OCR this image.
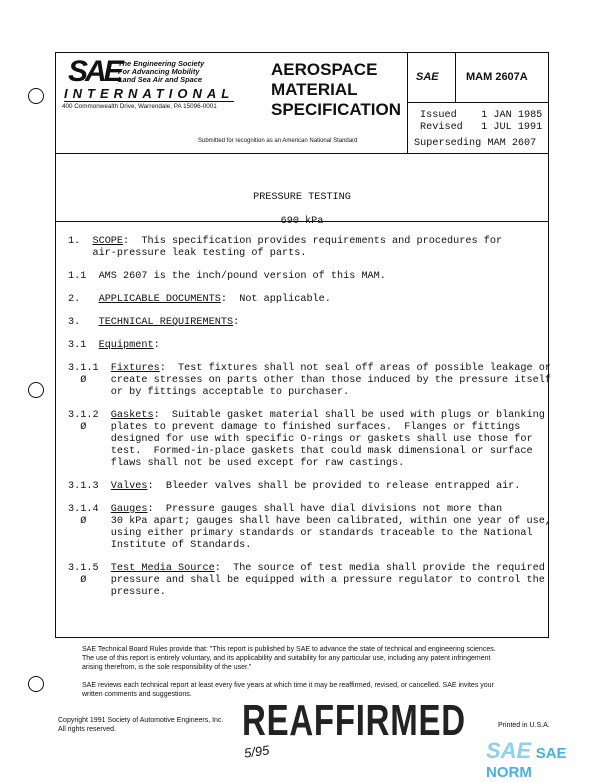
SAE
The Engineering Society
For Advancing Mobility
Land Sea Air and Space
INTERNATIONAL
400 Commonwealth Drive, Warrendale, PA 15096-0001
AEROSPACE
MATERIAL
SPECIFICATION
Submitted for recognition as an American National Standard
SAE MAM 2607A
Issued 1 JAN 1985
Revised 1 JUL 1991
Superseding MAM 2607

PRESSURE TESTING

690 kPa

1.  SCOPE:  This specification provides requirements and procedures for
air-pressure leak testing of parts.
1.1  AMS 2607 is the inch/pound version of this MAM.
2.   APPLICABLE DOCUMENTS:  Not applicable.
3.   TECHNICAL REQUIREMENTS:
3.1  Equipment:
3.1.1  Fixtures:  Test fixtures shall not seal off areas of possible leakage or
Ø    create stresses on parts other than those induced by the pressure itself
or by fittings acceptable to purchaser.
3.1.2  Gaskets:  Suitable gasket material shall be used with plugs or blanking
Ø    plates to prevent damage to finished surfaces.  Flanges or fittings
designed for use with specific O-rings or gaskets shall use those for
test.  Formed-in-place gaskets that could mask dimensional or surface
flaws shall not be used except for raw castings.
3.1.3  Valves:  Bleeder valves shall be provided to release entrapped air.
3.1.4  Gauges:  Pressure gauges shall have dial divisions not more than
Ø    30 kPa apart; gauges shall have been calibrated, within one year of use,
using either primary standards or standards traceable to the National
Institute of Standards.
3.1.5  Test Media Source:  The source of test media shall provide the required
Ø    pressure and shall be equipped with a pressure regulator to control the
pressure.
SAE Technical Board Rules provide that: "This report is published by SAE to advance the state of technical and engineering sciences.
The use of this report is entirely voluntary, and its applicability and suitability for any particular use, including any patent infringement
arising therefrom, is the sole responsibility of the user."
SAE reviews each technical report at least every five years at which time it may be reaffirmed, revised, or cancelled. SAE invites your
written comments and suggestions.
Copyright 1991 Society of Automotive Engineers, Inc.
All rights reserved.	REAFFIRMED
5/95
Printed in U.S.A.
SAE SAE NORM
